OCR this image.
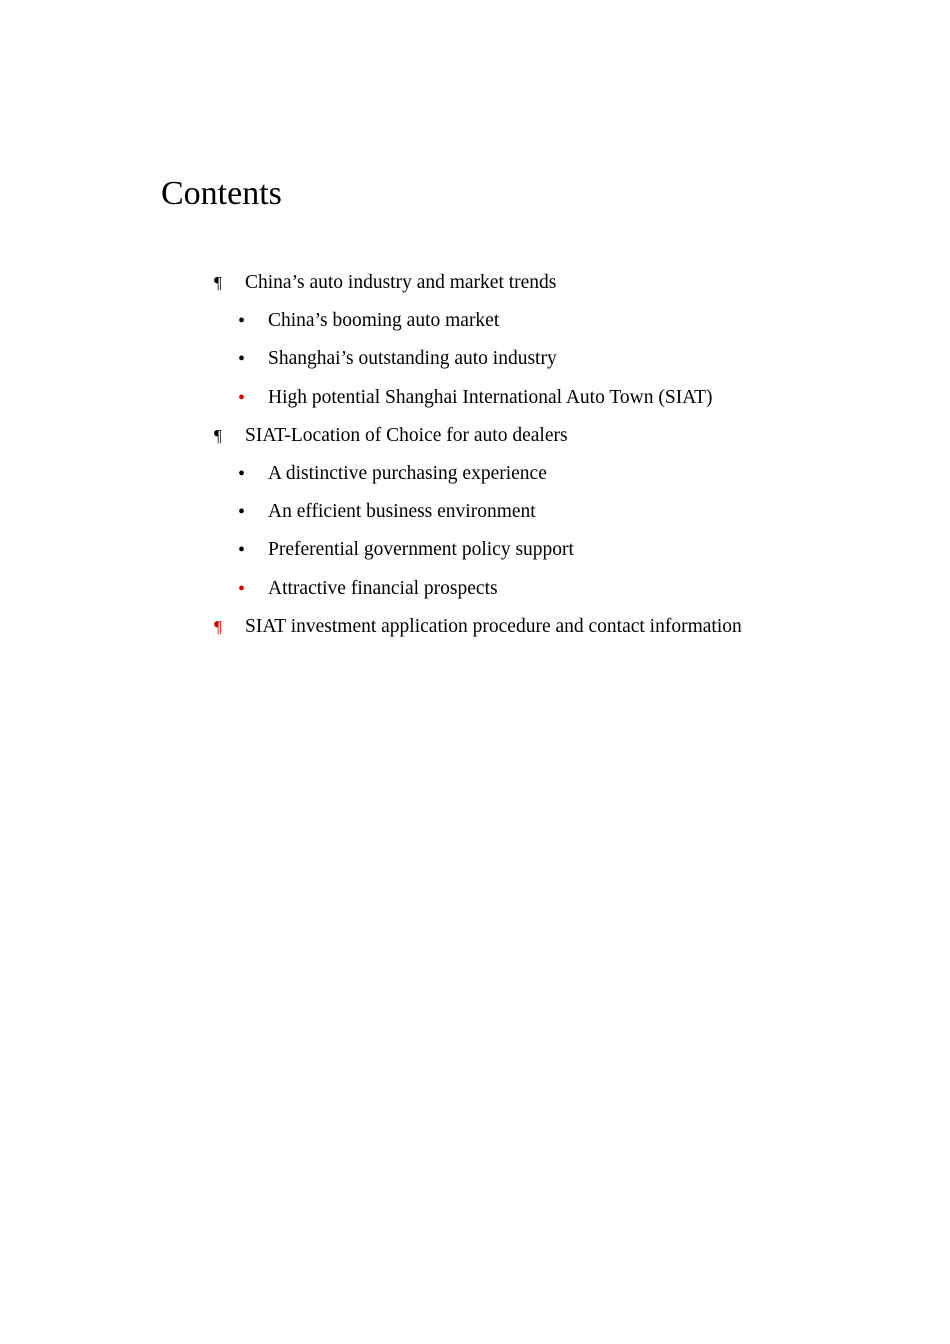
Contents
¶ China’s auto industry and market trends
• China’s booming auto market
• Shanghai’s outstanding auto industry
• High potential Shanghai International Auto Town (SIAT)
¶ SIAT-Location of Choice for auto dealers
• A distinctive purchasing experience
• An efficient business environment
• Preferential government policy support
• Attractive financial prospects
¶ SIAT investment application procedure and contact information
